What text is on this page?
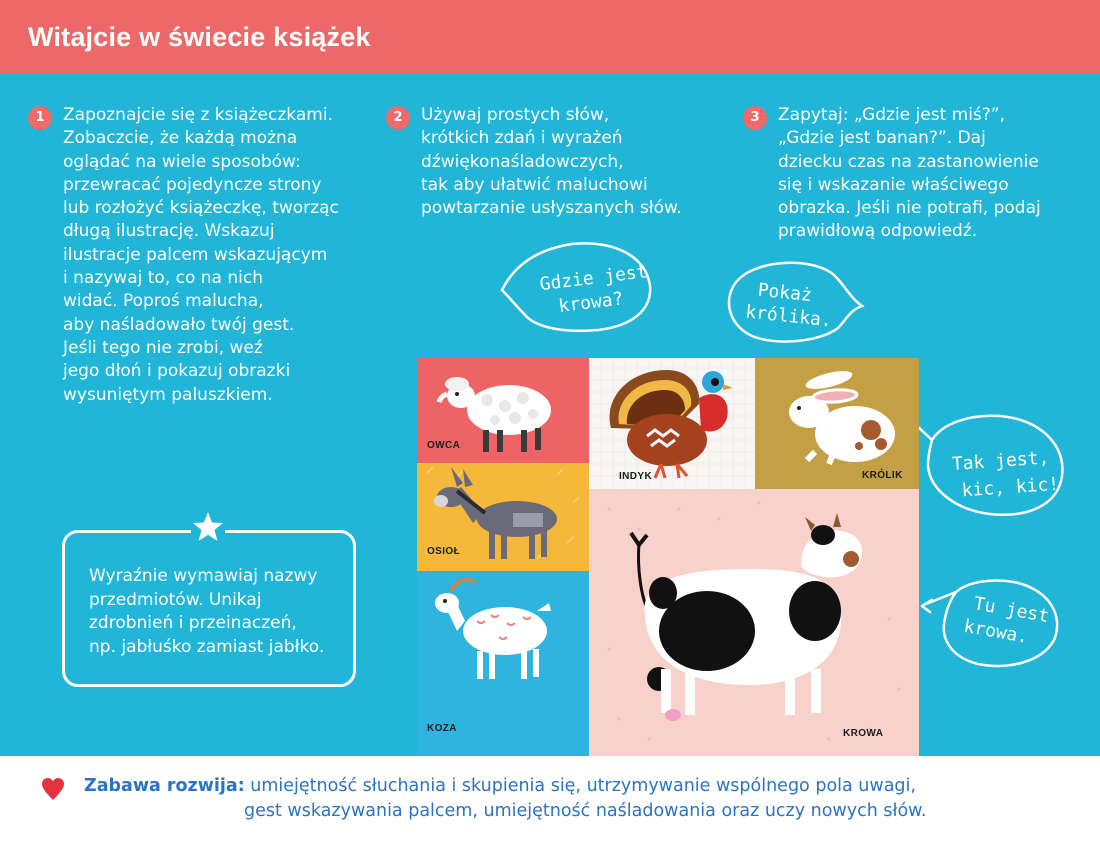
Witajcie w świecie książek
1	Zapoznajcie się z książeczkami.
Zobaczcie, że każdą można
oglądać na wiele sposobów:
przewracać pojedyncze strony
lub rozłożyć książeczkę, tworząc
długą ilustrację. Wskazuj
ilustracje palcem wskazującym
i nazywaj to, co na nich
widać. Poproś malucha,
aby naśladowało twój gest.
Jeśli tego nie zrobi, weź
jego dłoń i pokazuj obrazki
wysuniętym paluszkiem.
2	Używaj prostych słów,
krótkich zdań i wyrażeń
dźwiękonaśladowczych,
tak aby ułatwić maluchowi
powtarzanie usłyszanych słów.
3	Zapytaj: „Gdzie jest miś?”,
„Gdzie jest banan?”. Daj
dziecku czas na zastanowienie
się i wskazanie właściwego
obrazka. Jeśli nie potrafi, podaj
prawidłową odpowiedź.
Wyraźnie wymawiaj nazwy
przedmiotów. Unikaj
zdrobnień i przeinaczeń,
np. jabłuśko zamiast jabłko.
Gdzie jest
krowa?	Pokaż
królika.
Tak jest,
kic, kic!
Tu jest
krowa.
OWCA
INDYK	KRÓLIK
OSIOŁ
KOZA	KROWA
Zabawa rozwija: umiejętność słuchania i skupienia się, utrzymywanie wspólnego pola uwagi,
gest wskazywania palcem, umiejętność naśladowania oraz uczy nowych słów.
